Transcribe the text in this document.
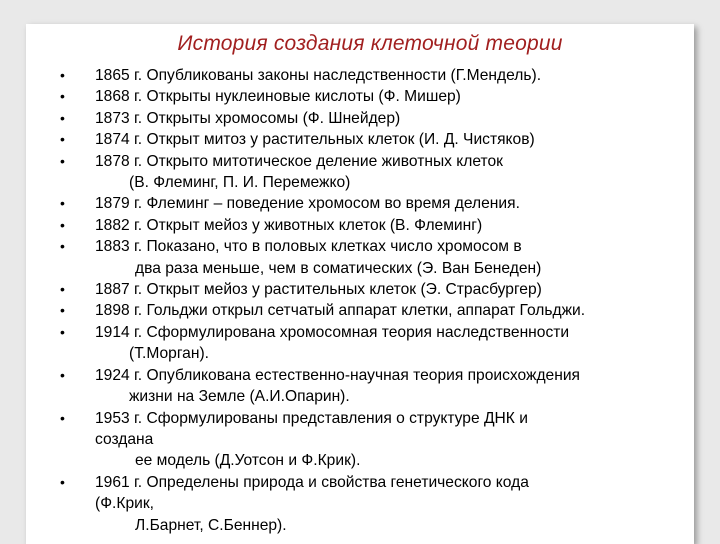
История создания клеточной теории
•	1865 г. Опубликованы законы наследственности (Г.Мендель).
•	1868 г. Открыты нуклеиновые кислоты (Ф. Мишер)
•	1873 г. Открыты хромосомы (Ф. Шнейдер)
•	1874 г. Открыт митоз у растительных клеток (И. Д. Чистяков)
•	1878 г. Открыто митотическое деление животных клеток
(В. Флеминг, П. И. Перемежко)
•	1879 г. Флеминг – поведение хромосом во время деления.
•	1882 г. Открыт мейоз у животных клеток (В. Флеминг)
•	1883 г. Показано, что в половых клетках число хромосом в
два раза меньше, чем в соматических (Э. Ван Бенеден)
•	1887 г. Открыт мейоз у растительных клеток (Э. Страсбургер)
•	1898 г. Гольджи открыл сетчатый аппарат клетки, аппарат Гольджи.
•	1914 г. Сформулирована хромосомная теория наследственности
(Т.Морган).
•	1924 г. Опубликована естественно-научная теория происхождения
жизни на Земле (А.И.Опарин).
•	1953 г. Сформулированы представления о структуре ДНК и
создана
ее модель (Д.Уотсон и Ф.Крик).
•	1961 г. Определены природа и свойства генетического кода
(Ф.Крик,
Л.Барнет, С.Беннер).
